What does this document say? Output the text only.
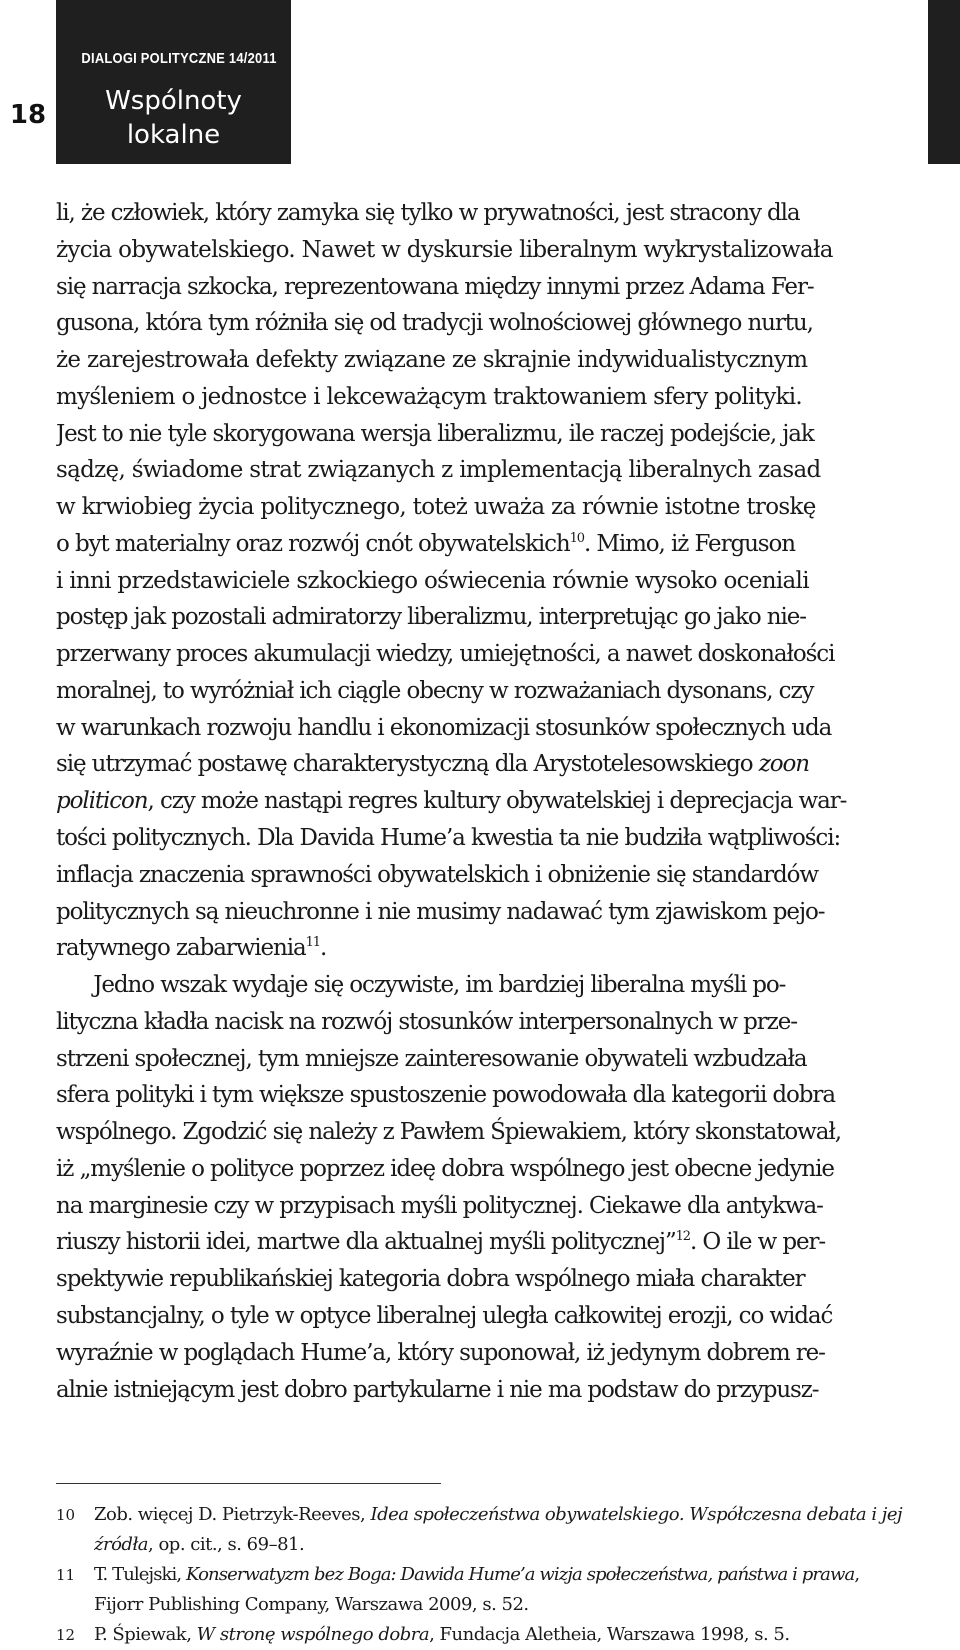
18
DIALOGI POLITYCZNE 14/2011
Wspólnoty
lokalne
li, że człowiek, który zamyka się tylko w prywatności, jest stracony dla
życia obywatelskiego. Nawet w dyskursie liberalnym wykrystalizowała
się narracja szkocka, reprezentowana między innymi przez Adama Fer-
gusona, która tym różniła się od tradycji wolnościowej głównego nurtu,
że zarejestrowała defekty związane ze skrajnie indywidualistycznym
myśleniem o jednostce i lekceważącym traktowaniem sfery polityki.
Jest to nie tyle skorygowana wersja liberalizmu, ile raczej podejście, jak
sądzę, świadome strat związanych z implementacją liberalnych zasad
w krwiobieg życia politycznego, toteż uważa za równie istotne troskę
o byt materialny oraz rozwój cnót obywatelskich$^{10}$. Mimo, iż Ferguson
i inni przedstawiciele szkockiego oświecenia równie wysoko oceniali
postęp jak pozostali admiratorzy liberalizmu, interpretując go jako nie-
przerwany proces akumulacji wiedzy, umiejętności, a nawet doskonałości
moralnej, to wyróżniał ich ciągle obecny w rozważaniach dysonans, czy
w warunkach rozwoju handlu i ekonomizacji stosunków społecznych uda
się utrzymać postawę charakterystyczną dla Arystotelesowskiego zoon
politicon, czy może nastąpi regres kultury obywatelskiej i deprecjacja war-
tości politycznych. Dla Davida Hume’a kwestia ta nie budziła wątpliwości:
inflacja znaczenia sprawności obywatelskich i obniżenie się standardów
politycznych są nieuchronne i nie musimy nadawać tym zjawiskom pejo-
ratywnego zabarwienia$^{11}$.
Jedno wszak wydaje się oczywiste, im bardziej liberalna myśli po-
lityczna kładła nacisk na rozwój stosunków interpersonalnych w prze-
strzeni społecznej, tym mniejsze zainteresowanie obywateli wzbudzała
sfera polityki i tym większe spustoszenie powodowała dla kategorii dobra
wspólnego. Zgodzić się należy z Pawłem Śpiewakiem, który skonstatował,
iż „myślenie o polityce poprzez ideę dobra wspólnego jest obecne jedynie
na marginesie czy w przypisach myśli politycznej. Ciekawe dla antykwa-
riuszy historii idei, martwe dla aktualnej myśli politycznej”$^{12}$. O ile w per-
spektywie republikańskiej kategoria dobra wspólnego miała charakter
substancjalny, o tyle w optyce liberalnej uległa całkowitej erozji, co widać
wyraźnie w poglądach Hume’a, który suponował, iż jedynym dobrem re-
alnie istniejącym jest dobro partykularne i nie ma podstaw do przypusz-
10	Zob. więcej D. Pietrzyk-Reeves, Idea społeczeństwa obywatelskiego. Współczesna debata i jej
źródła, op. cit., s. 69–81.
11	T. Tulejski, Konserwatyzm bez Boga: Dawida Hume’a wizja społeczeństwa, państwa i prawa,
Fijorr Publishing Company, Warszawa 2009, s. 52.
12	P. Śpiewak, W stronę wspólnego dobra, Fundacja Aletheia, Warszawa 1998, s. 5.
